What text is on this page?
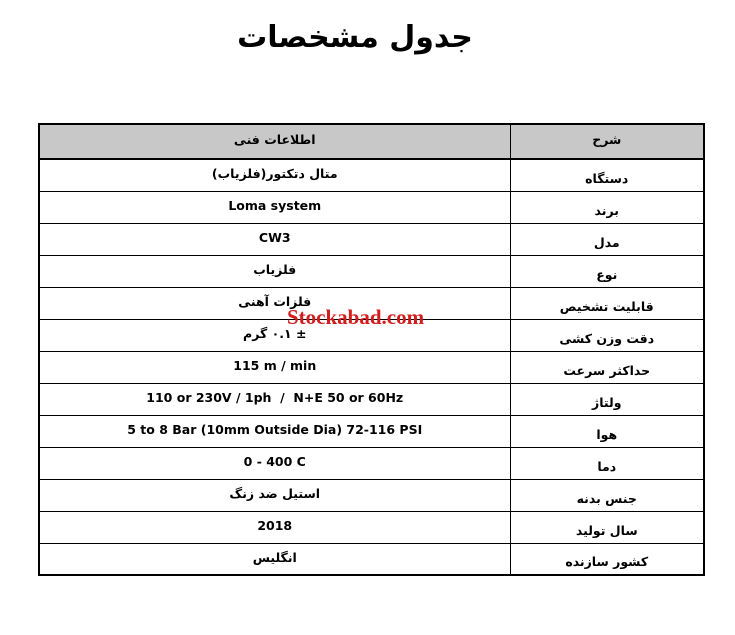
جدول مشخصات
اطلاعات فنی	شرح
متال دتکتور(فلزیاب)	دستگاه
Loma system	برند
CW3	مدل
فلزیاب	نوع
فلزات آهنی	قابلیت تشخیص
± ۰.۱ گرم	دقت وزن کشی
115 m / min	حداکثر سرعت
110 or 230V / 1ph  /  N+E 50 or 60Hz	ولتاژ
5 to 8 Bar (10mm Outside Dia) 72-116 PSI	هوا
0 - 400 C	دما
استیل ضد زنگ	جنس بدنه
2018	سال تولید
انگلیس	کشور سازنده
Stockabad.com
